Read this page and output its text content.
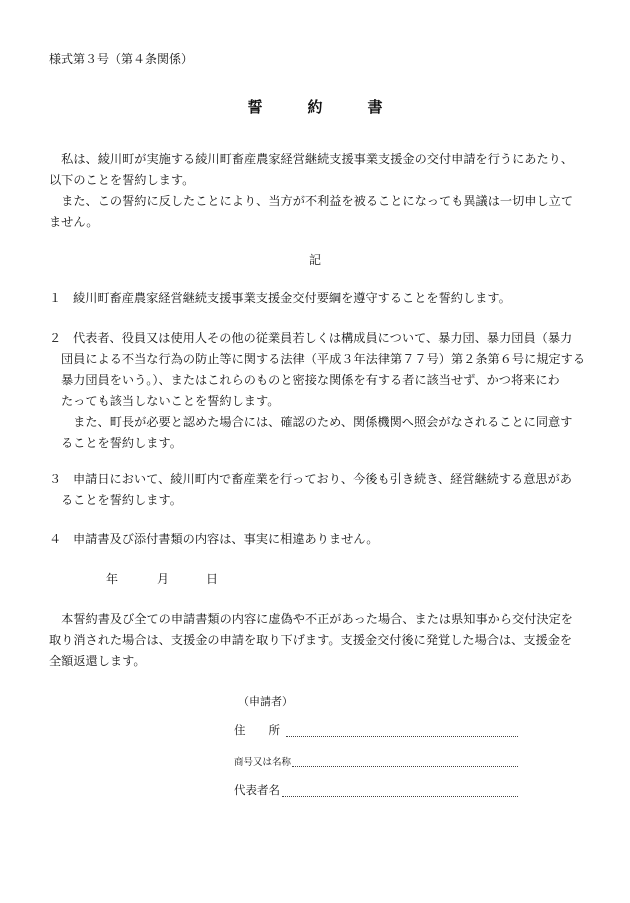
様式第３号（第４条関係）
誓　　　約　　　書
　私は、綾川町が実施する綾川町畜産農家経営継続支援事業支援金の交付申請を行うにあたり、
以下のことを誓約します。
　また、この誓約に反したことにより、当方が不利益を被ることになっても異議は一切申し立て
ません。
記
１ 綾川町畜産農家経営継続支援事業支援金交付要綱を遵守することを誓約します。
２ 代表者、役員又は使用人その他の従業員若しくは構成員について、暴力団、暴力団員（暴力
団員による不当な行為の防止等に関する法律（平成３年法律第７７号）第２条第６号に規定する
暴力団員をいう。）、またはこれらのものと密接な関係を有する者に該当せず、かつ将来にわ
たっても該当しないことを誓約します。
　また、町長が必要と認めた場合には、確認のため、関係機関へ照会がなされることに同意す
ることを誓約します。
３ 申請日において、綾川町内で畜産業を行っており、今後も引き続き、経営継続する意思があ
ることを誓約します。
４ 申請書及び添付書類の内容は、事実に相違ありません。
年	月	日
　本誓約書及び全ての申請書類の内容に虚偽や不正があった場合、または県知事から交付決定を
取り消された場合は、支援金の申請を取り下げます。支援金交付後に発覚した場合は、支援金を
全額返還します。
（申請者）
住　　所
商号又は名称
代表者名
